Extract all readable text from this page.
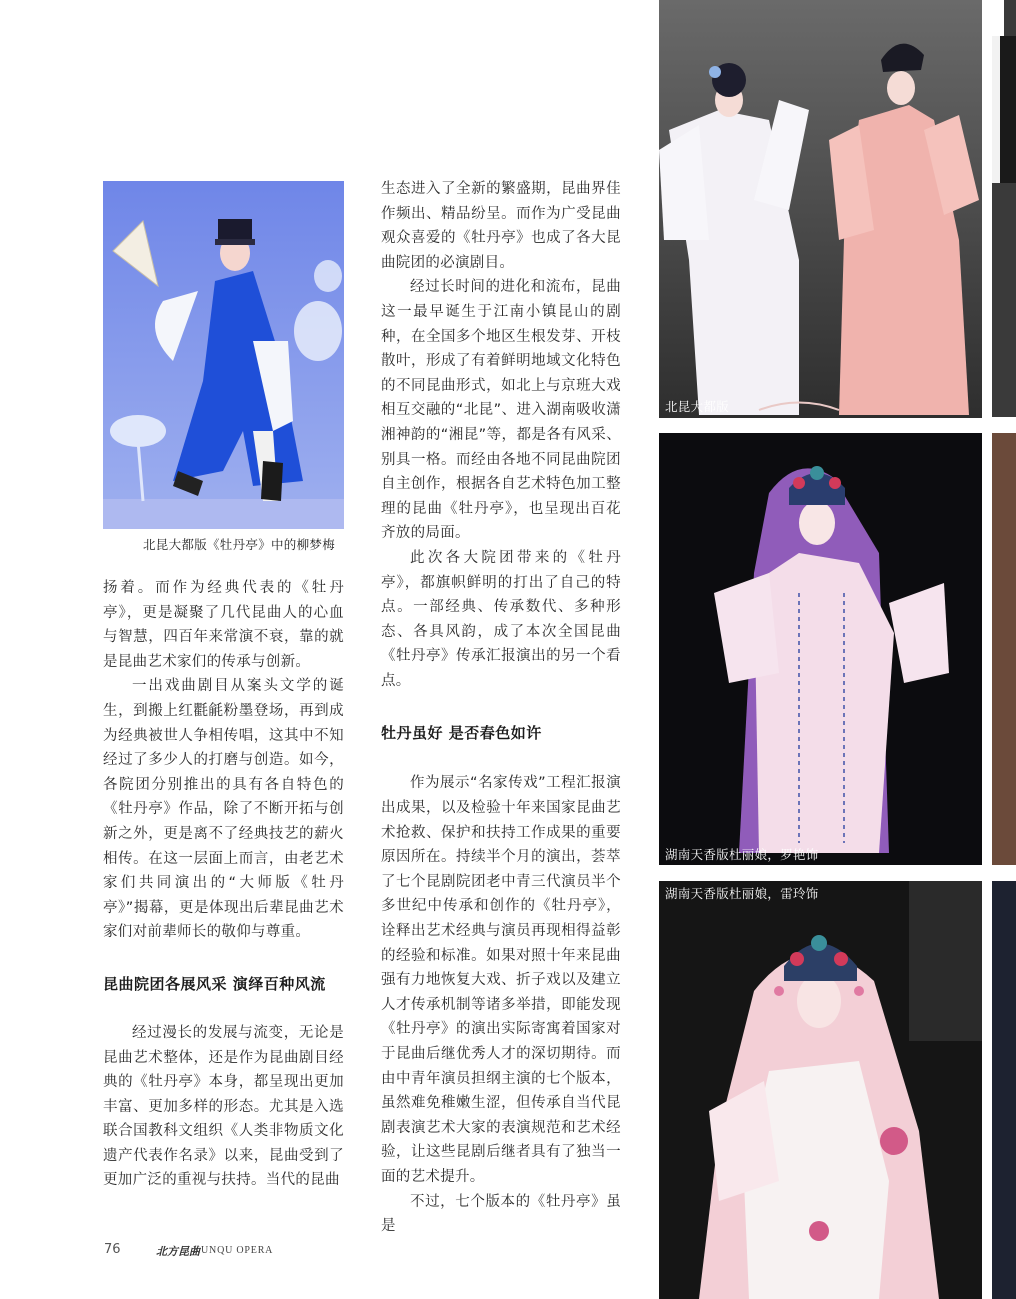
北昆大都版《牡丹亭》中的柳梦梅
北昆大都版
湖南天香版杜丽娘，罗艳饰
湖南天香版杜丽娘，雷玲饰

扬着。而作为经典代表的《牡丹亭》，更是凝聚了几代昆曲人的心血与智慧，四百年来常演不衰，靠的就是昆曲艺术家们的传承与创新。

一出戏曲剧目从案头文学的诞生，到搬上红氍毹粉墨登场，再到成为经典被世人争相传唱，这其中不知经过了多少人的打磨与创造。如今，各院团分别推出的具有各自特色的《牡丹亭》作品，除了不断开拓与创新之外，更是离不了经典技艺的薪火相传。在这一层面上而言，由老艺术家们共同演出的“大师版《牡丹亭》”揭幕，更是体现出后辈昆曲艺术家们对前辈师长的敬仰与尊重。

昆曲院团各展风采 演绎百种风流

经过漫长的发展与流变，无论是昆曲艺术整体，还是作为昆曲剧目经典的《牡丹亭》本身，都呈现出更加丰富、更加多样的形态。尤其是入选联合国教科文组织《人类非物质文化遗产代表作名录》以来，昆曲受到了更加广泛的重视与扶持。当代的昆曲

生态进入了全新的繁盛期，昆曲界佳作频出、精品纷呈。而作为广受昆曲观众喜爱的《牡丹亭》也成了各大昆曲院团的必演剧目。

经过长时间的进化和流布，昆曲这一最早诞生于江南小镇昆山的剧种，在全国多个地区生根发芽、开枝散叶，形成了有着鲜明地域文化特色的不同昆曲形式，如北上与京班大戏相互交融的“北昆”、进入湖南吸收潇湘神韵的“湘昆”等，都是各有风采、别具一格。而经由各地不同昆曲院团自主创作，根据各自艺术特色加工整理的昆曲《牡丹亭》，也呈现出百花齐放的局面。

此次各大院团带来的《牡丹亭》，都旗帜鲜明的打出了自己的特点。一部经典、传承数代、多种形态、各具风韵，成了本次全国昆曲《牡丹亭》传承汇报演出的另一个看点。

牡丹虽好 是否春色如许

作为展示“名家传戏”工程汇报演出成果，以及检验十年来国家昆曲艺术抢救、保护和扶持工作成果的重要原因所在。持续半个月的演出，荟萃了七个昆剧院团老中青三代演员半个多世纪中传承和创作的《牡丹亭》，诠释出艺术经典与演员再现相得益彰的经验和标准。如果对照十年来昆曲强有力地恢复大戏、折子戏以及建立人才传承机制等诸多举措，即能发现《牡丹亭》的演出实际寄寓着国家对于昆曲后继优秀人才的深切期待。而由中青年演员担纲主演的七个版本，虽然难免稚嫩生涩，但传承自当代昆剧表演艺术大家的表演规范和艺术经验，让这些昆剧后继者具有了独当一面的艺术提升。

不过，七个版本的《牡丹亭》虽是

76	北方昆曲
KUNQU OPERA
